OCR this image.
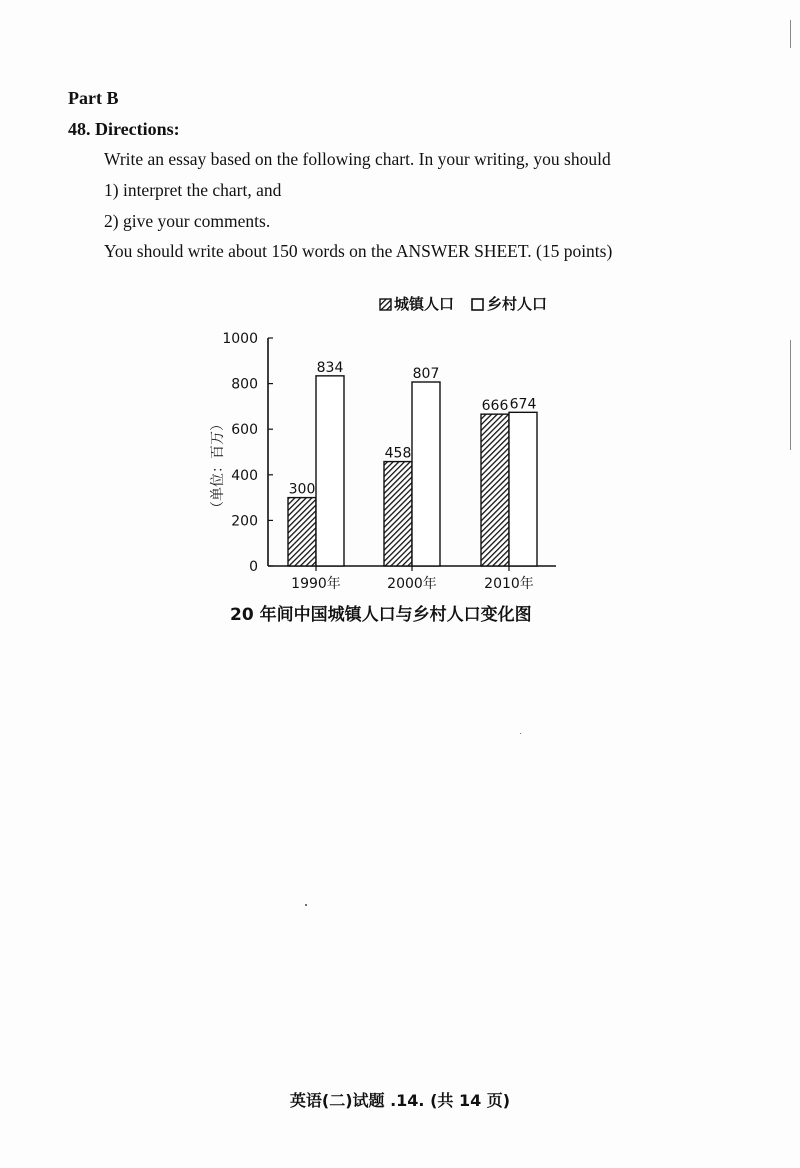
Part B
48. Directions:
Write an essay based on the following chart. In your writing, you should
1) interpret the chart, and
2) give your comments.
You should write about 150 words on the ANSWER SHEET. (15 points)
0
200
400
600
800
1000
（单位：百万）	300
834
1990年
458
807
2000年
666 674
2010年
城镇人口 乡村人口
20 年间中国城镇人口与乡村人口变化图
英语(二)试题 .14. (共 14 页)
